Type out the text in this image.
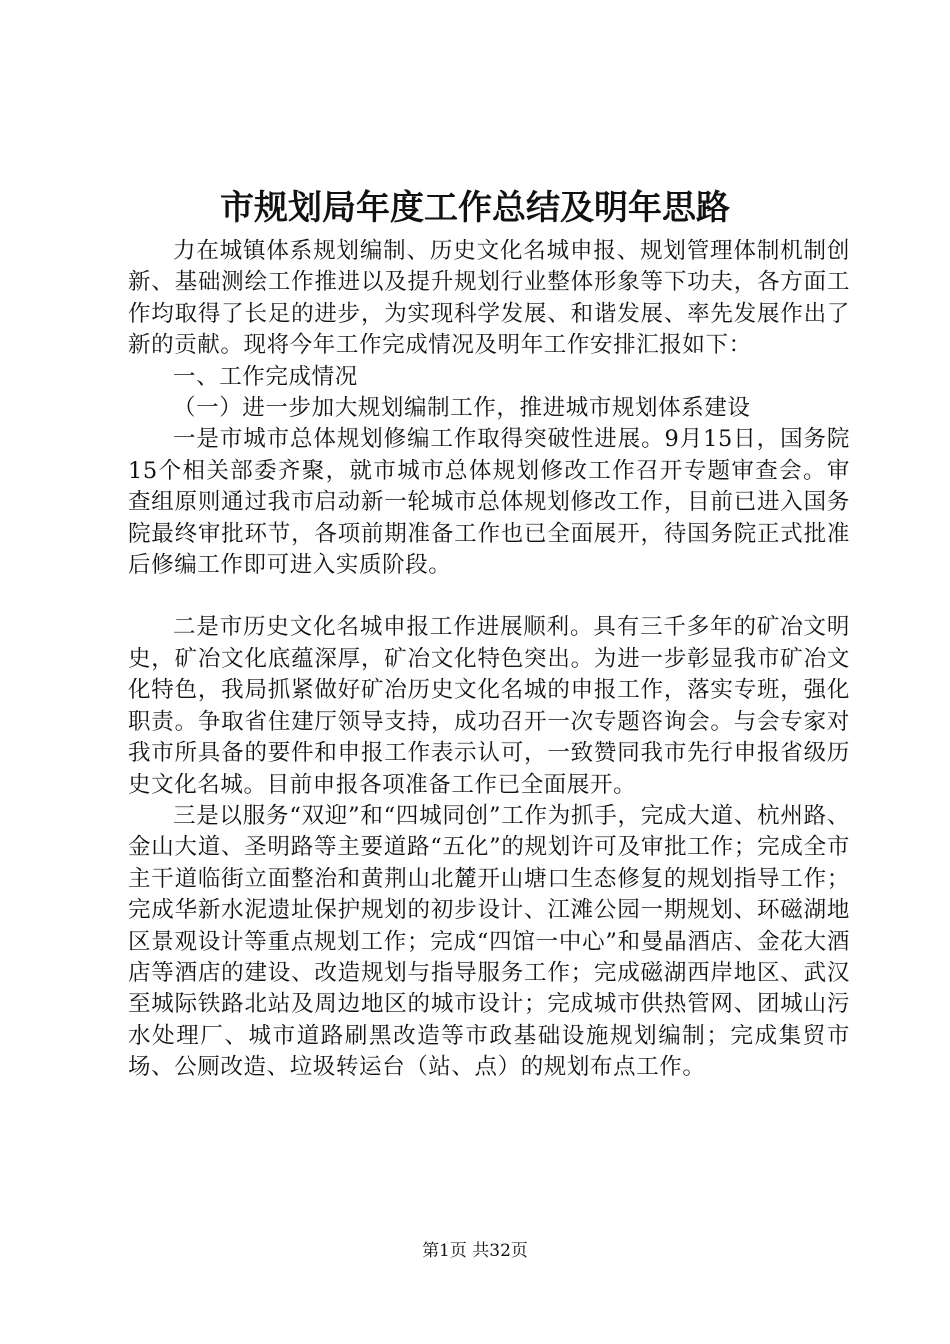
市规划局年度工作总结及明年思路

力在城镇体系规划编制、历史文化名城申报、规划管理体制机制创新、基础测绘工作推进以及提升规划行业整体形象等下功夫，各方面工作均取得了长足的进步，为实现科学发展、和谐发展、率先发展作出了新的贡献。现将今年工作完成情况及明年工作安排汇报如下：

一、工作完成情况

（一）进一步加大规划编制工作，推进城市规划体系建设

一是市城市总体规划修编工作取得突破性进展。9月15日，国务院15个相关部委齐聚，就市城市总体规划修改工作召开专题审查会。审查组原则通过我市启动新一轮城市总体规划修改工作，目前已进入国务院最终审批环节，各项前期准备工作也已全面展开，待国务院正式批准后修编工作即可进入实质阶段。

二是市历史文化名城申报工作进展顺利。具有三千多年的矿冶文明史，矿冶文化底蕴深厚，矿冶文化特色突出。为进一步彰显我市矿冶文化特色，我局抓紧做好矿冶历史文化名城的申报工作，落实专班，强化职责。争取省住建厅领导支持，成功召开一次专题咨询会。与会专家对我市所具备的要件和申报工作表示认可，一致赞同我市先行申报省级历史文化名城。目前申报各项准备工作已全面展开。

三是以服务“双迎”和“四城同创”工作为抓手，完成大道、杭州路、金山大道、圣明路等主要道路“五化”的规划许可及审批工作；完成全市主干道临街立面整治和黄荆山北麓开山塘口生态修复的规划指导工作；完成华新水泥遗址保护规划的初步设计、江滩公园一期规划、环磁湖地区景观设计等重点规划工作；完成“四馆一中心”和曼晶酒店、金花大酒店等酒店的建设、改造规划与指导服务工作；完成磁湖西岸地区、武汉至城际铁路北站及周边地区的城市设计；完成城市供热管网、团城山污水处理厂、城市道路刷黑改造等市政基础设施规划编制；完成集贸市场、公厕改造、垃圾转运台（站、点）的规划布点工作。

第1页 共32页
